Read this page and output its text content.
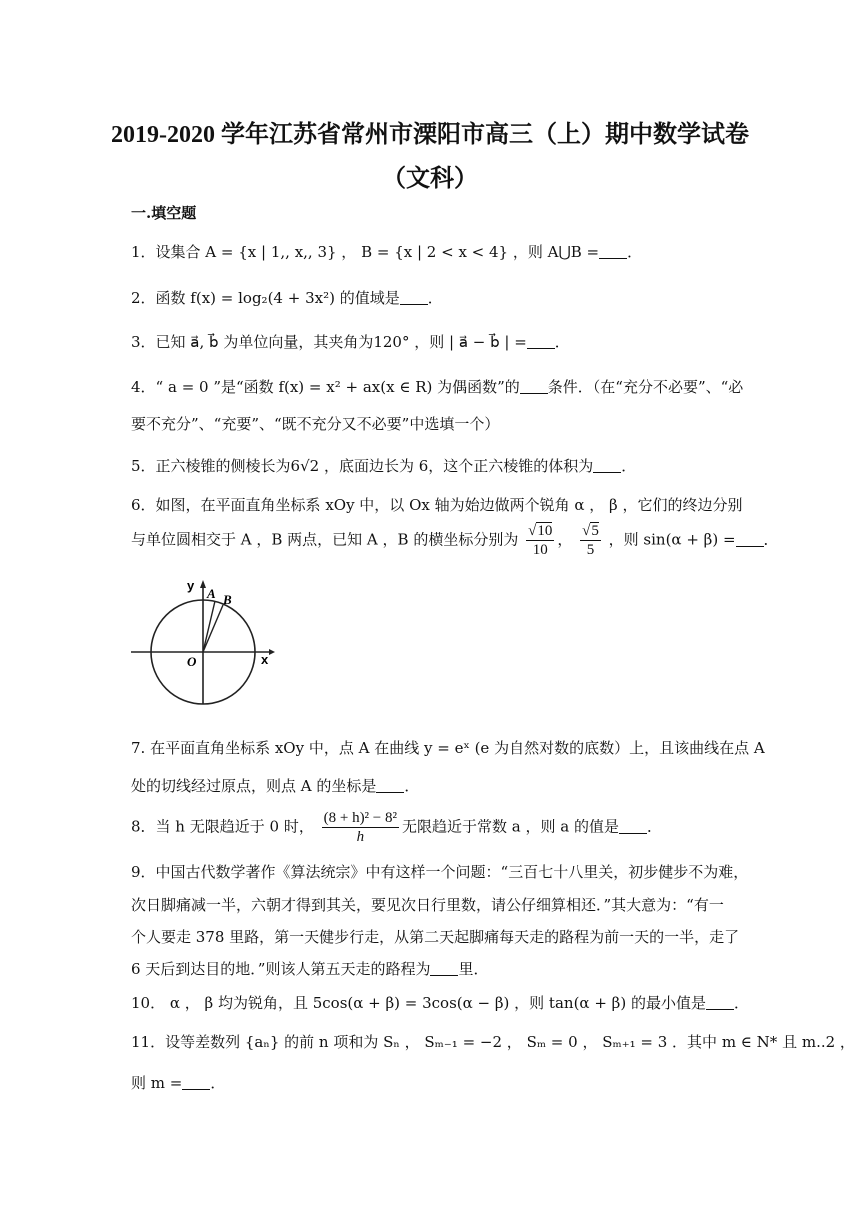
2019-2020 学年江苏省常州市溧阳市高三（上）期中数学试卷
（文科）
一.填空题
1．设集合 A = {x | 1,, x,, 3} ， B = {x | 2 < x < 4} ，则 A⋃B = ．
2．函数 f(x) = log₂(4 + 3x²) 的值域是 ．
3．已知 a⃗, b⃗ 为单位向量，其夹角为120° ，则 | a⃗ − b⃗ | = ．
4．“ a = 0 ”是“函数 f(x) = x² + ax(x ∈ R) 为偶函数”的 条件．（在“充分不必要”、“必
要不充分”、“充要”、“既不充分又不必要”中选填一个）
5．正六棱锥的侧棱长为6√2 ，底面边长为 6，这个正六棱锥的体积为 ．
6．如图，在平面直角坐标系 xOy 中，以 Ox 轴为始边做两个锐角 α ， β ，它们的终边分别
与单位圆相交于 A ，B 两点，已知 A ，B 的横坐标分别为 $\frac{√10}{10}$ ， $\frac{√5}{5}$ ，则 sin(α + β) = ．
y
x
O
A B
7. 在平面直角坐标系 xOy 中，点 A 在曲线 y = eˣ (e 为自然对数的底数）上，且该曲线在点 A
处的切线经过原点，则点 A 的坐标是 ．
8．当 h 无限趋近于 0 时， $\frac{\text{(8 + h)² − 8²}}{h}$ 无限趋近于常数 a ，则 a 的值是 ．
9．中国古代数学著作《算法统宗》中有这样一个问题：“三百七十八里关，初步健步不为难，
次日脚痛减一半，六朝才得到其关，要见次日行里数，请公仔细算相还．”其大意为：“有一
个人要走 378 里路，第一天健步行走，从第二天起脚痛每天走的路程为前一天的一半，走了
6 天后到达目的地．”则该人第五天走的路程为 里．
10． α ， β 均为锐角，且 5cos(α + β) = 3cos(α − β) ，则 tan(α + β) 的最小值是 ．
11．设等差数列 {aₙ} 的前 n 项和为 Sₙ ， Sₘ₋₁ = −2 ， Sₘ = 0 ， Sₘ₊₁ = 3 ．其中 m ∈ N* 且 m..2 ，
则 m = ．
